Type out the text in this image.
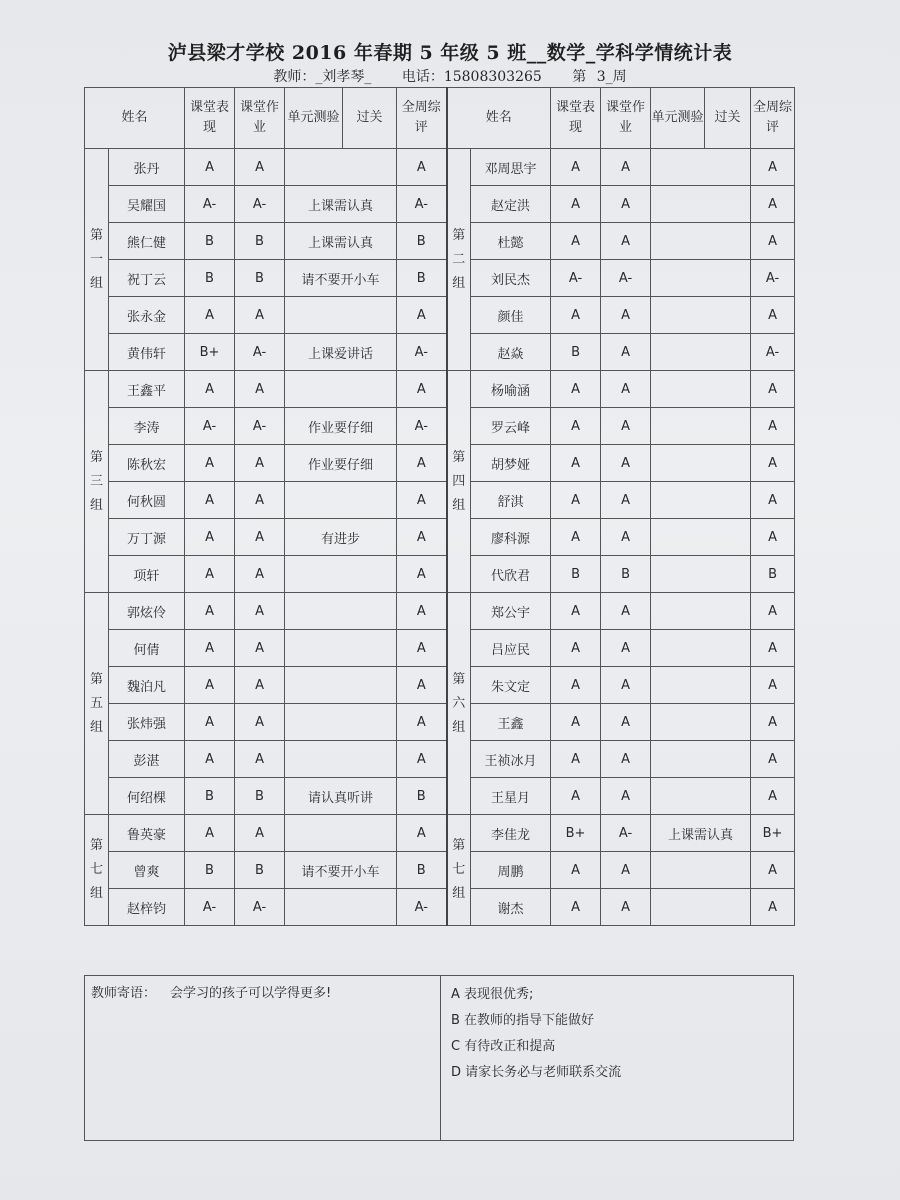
泸县梁才学校 2016 年春期 5 年级 5 班__数学_学科学情统计表
教师：_刘孝琴_ 电话：15808303265 第 3_周
姓名		课堂表现	课堂作业	单元测验	过关	全周综评	姓名		课堂表现	课堂作业	单元测验	过关	全周综评
第 一 组	张丹	A	A			A	第 二 组	邓周思宇	A	A			A
	吴耀国	A-	A-	上课需认真		A-		赵定洪	A	A			A
	熊仁健	B	B	上课需认真		B		杜懿	A	A			A
	祝丁云	B	B	请不要开小车		B		刘民杰	A-	A-			A-
	张永金	A	A			A		颜佳	A	A			A
	黄伟轩	B+	A-	上课爱讲话		A-		赵焱	B	A			A-
第 三 组	王鑫平	A	A			A	第 四 组	杨喻涵	A	A			A
	李涛	A-	A-	作业要仔细		A-		罗云峰	A	A			A
	陈秋宏	A	A	作业要仔细		A		胡梦娅	A	A			A
	何秋圆	A	A			A		舒淇	A	A			A
	万丁源	A	A	有进步		A		廖科源	A	A			A
	项轩	A	A			A		代欣君	B	B			B
第 五 组	郭炫伶	A	A			A	第 六 组	郑公宇	A	A			A
	何倩	A	A			A		吕应民	A	A			A
	魏泊凡	A	A			A		朱文定	A	A			A
	张炜强	A	A			A		王鑫	A	A			A
	彭湛	A	A			A		王祯冰月	A	A			A
	何绍棵	B	B	请认真听讲		B		王星月	A	A			A
第 七 组	鲁英豪	A	A			A	第 七 组	李佳龙	B+	A-	上课需认真		B+
	曾爽	B	B	请不要开小车		B		周鹏	A	A			A
	赵梓钧	A-	A-			A-		谢杰	A	A			A
教师寄语： 会学习的孩子可以学得更多!	A 表现很优秀;
B 在教师的指导下能做好
C 有待改正和提高
D 请家长务必与老师联系交流
